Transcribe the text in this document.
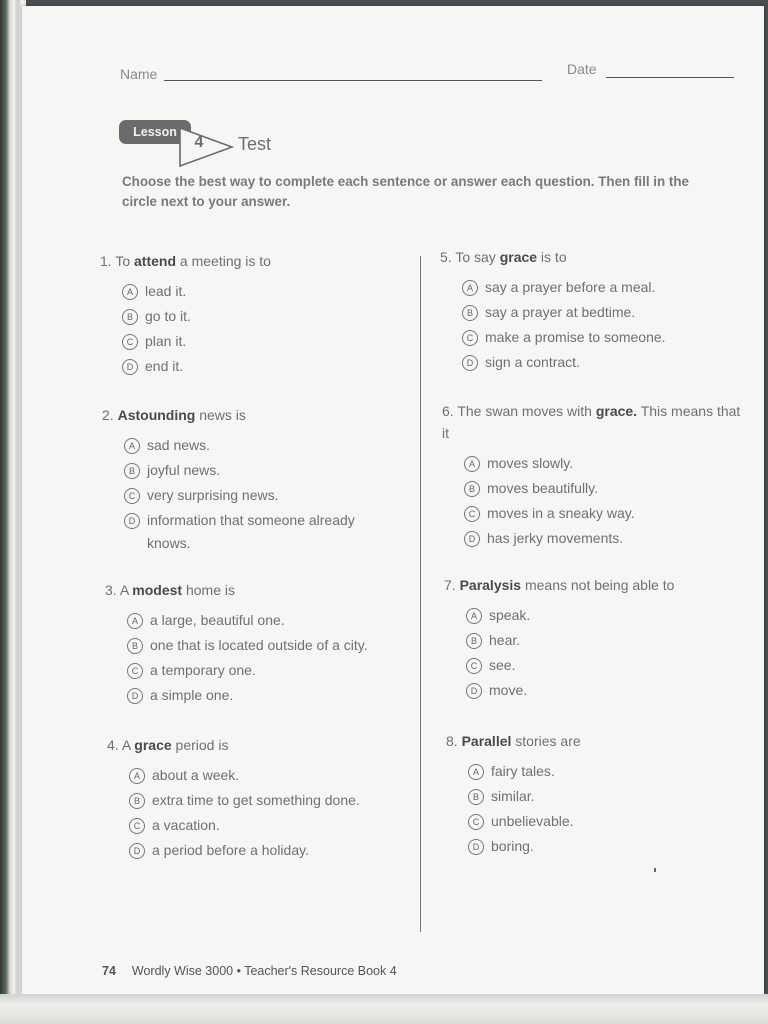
Name	Date
Lesson
4	Test
Choose the best way to complete each sentence or answer each question. Then fill in the circle next to your answer.
1. To attend a meeting is to
A lead it.
B go to it.
C plan it.
D end it.
2. Astounding news is
A sad news.
B joyful news.
C very surprising news.
D information that someone already knows.
3. A modest home is
A a large, beautiful one.
B one that is located outside of a city.
C a temporary one.
D a simple one.
4. A grace period is
A about a week.
B extra time to get something done.
C a vacation.
D a period before a holiday.
5. To say grace is to
A say a prayer before a meal.
B say a prayer at bedtime.
C make a promise to someone.
D sign a contract.
6. The swan moves with grace. This means that it
A moves slowly.
B moves beautifully.
C moves in a sneaky way.
D has jerky movements.
7. Paralysis means not being able to
A speak.
B hear.
C see.
D move.
8. Parallel stories are
A fairy tales.
B similar.
C unbelievable.
D boring.
74 Wordly Wise 3000 • Teacher's Resource Book 4
